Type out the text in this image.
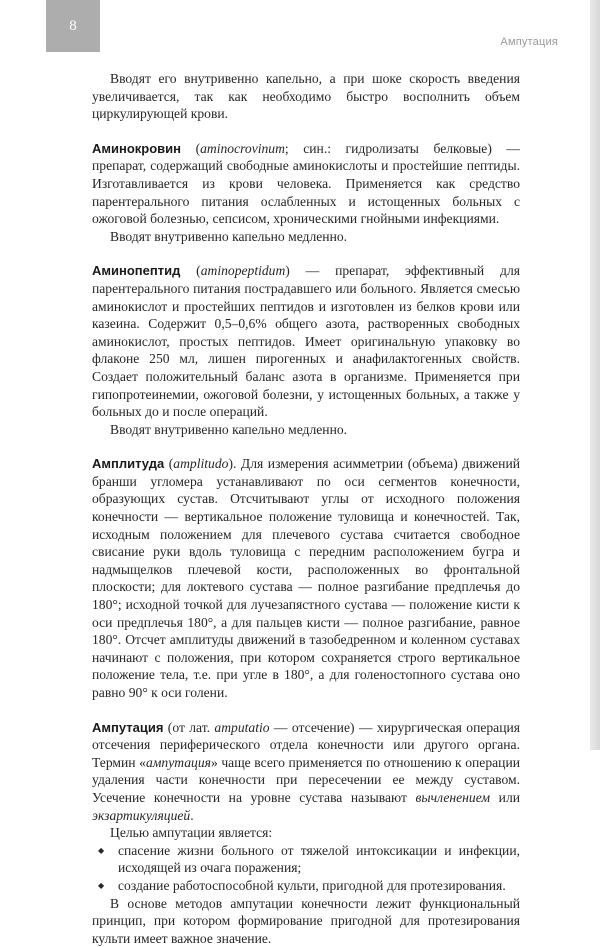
8
Ампутация

Вводят его внутривенно капельно, а при шоке скорость введения увеличивается, так как необходимо быстро восполнить объем циркулирующей крови.

Аминокровин (aminocrovinum; син.: гидролизаты белковые) — препарат, содержащий свободные аминокислоты и простейшие пептиды. Изготавливается из крови человека. Применяется как средство парентерального питания ослабленных и истощенных больных с ожоговой болезнью, сепсисом, хроническими гнойными инфекциями.

Вводят внутривенно капельно медленно.

Аминопептид (aminopeptidum) — препарат, эффективный для парентерального питания пострадавшего или больного. Является смесью аминокислот и простейших пептидов и изготовлен из белков крови или казеина. Содержит 0,5–0,6% общего азота, растворенных свободных аминокислот, простых пептидов. Имеет оригинальную упаковку во флаконе 250 мл, лишен пирогенных и анафилактогенных свойств. Создает положительный баланс азота в организме. Применяется при гипопротеинемии, ожоговой болезни, у истощенных больных, а также у больных до и после операций.

Вводят внутривенно капельно медленно.

Амплитуда (amplitudo). Для измерения асимметрии (объема) движений бранши угломера устанавливают по оси сегментов конечности, образующих сустав. Отсчитывают углы от исходного положения конечности — вертикальное положение туловища и конечностей. Так, исходным положением для плечевого сустава считается свободное свисание руки вдоль туловища с передним расположением бугра и надмыщелков плечевой кости, расположенных во фронтальной плоскости; для локтевого сустава — полное разгибание предплечья до 180°; исходной точкой для лучезапястного сустава — положение кисти к оси предплечья 180°, а для пальцев кисти — полное разгибание, равное 180°. Отсчет амплитуды движений в тазобедренном и коленном суставах начинают с положения, при котором сохраняется строго вертикальное положение тела, т.е. при угле в 180°, а для голеностопного сустава оно равно 90° к оси голени.

Ампутация (от лат. amputatio — отсечение) — хирургическая операция отсечения периферического отдела конечности или другого органа. Термин «ампутация» чаще всего применяется по отношению к операции удаления части конечности при пересечении ее между суставом. Усечение конечности на уровне сустава называют вычленением или экзартикуляцией.

Целью ампутации является:

◆ спасение жизни больного от тяжелой интоксикации и инфекции, исходящей из очага поражения;
◆ создание работоспособной культи, пригодной для протезирования.

В основе методов ампутации конечности лежит функциональный принцип, при котором формирование пригодной для протезирования культи имеет важное значение.
